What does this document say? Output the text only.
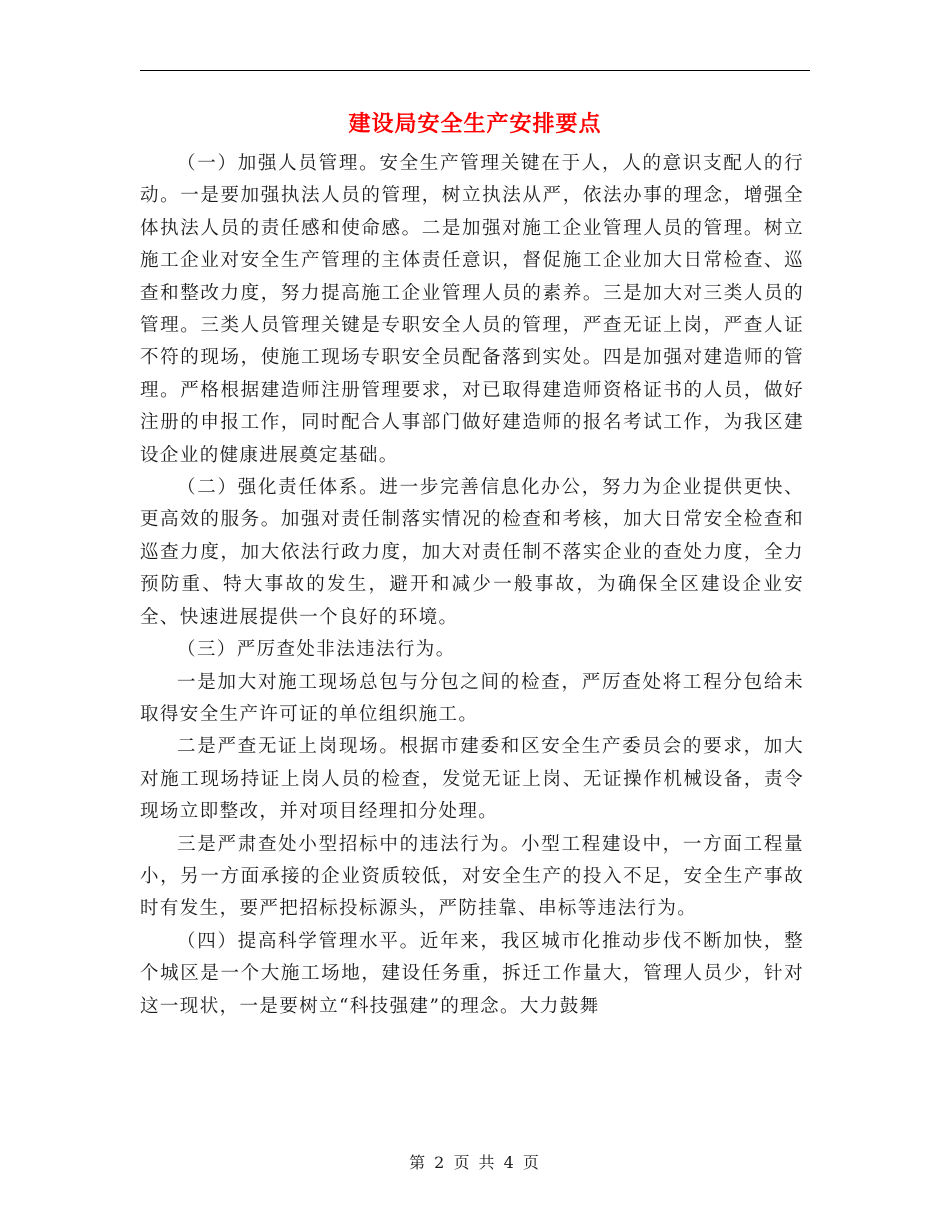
建设局安全生产安排要点

（一）加强人员管理。安全生产管理关键在于人，人的意识支配人的行动。一是要加强执法人员的管理，树立执法从严，依法办事的理念，增强全体执法人员的责任感和使命感。二是加强对施工企业管理人员的管理。树立施工企业对安全生产管理的主体责任意识，督促施工企业加大日常检查、巡查和整改力度，努力提高施工企业管理人员的素养。三是加大对三类人员的管理。三类人员管理关键是专职安全人员的管理，严查无证上岗，严查人证不符的现场，使施工现场专职安全员配备落到实处。四是加强对建造师的管理。严格根据建造师注册管理要求，对已取得建造师资格证书的人员，做好注册的申报工作，同时配合人事部门做好建造师的报名考试工作，为我区建设企业的健康进展奠定基础。

（二）强化责任体系。进一步完善信息化办公，努力为企业提供更快、更高效的服务。加强对责任制落实情况的检查和考核，加大日常安全检查和巡查力度，加大依法行政力度，加大对责任制不落实企业的查处力度，全力预防重、特大事故的发生，避开和减少一般事故，为确保全区建设企业安全、快速进展提供一个良好的环境。

（三）严厉查处非法违法行为。

一是加大对施工现场总包与分包之间的检查，严厉查处将工程分包给未取得安全生产许可证的单位组织施工。

二是严查无证上岗现场。根据市建委和区安全生产委员会的要求，加大对施工现场持证上岗人员的检查，发觉无证上岗、无证操作机械设备，责令现场立即整改，并对项目经理扣分处理。

三是严肃查处小型招标中的违法行为。小型工程建设中，一方面工程量小，另一方面承接的企业资质较低，对安全生产的投入不足，安全生产事故时有发生，要严把招标投标源头，严防挂靠、串标等违法行为。

（四）提高科学管理水平。近年来，我区城市化推动步伐不断加快，整个城区是一个大施工场地，建设任务重，拆迁工作量大，管理人员少，针对这一现状，一是要树立“科技强建”的理念。大力鼓舞

第 2 页 共 4 页
